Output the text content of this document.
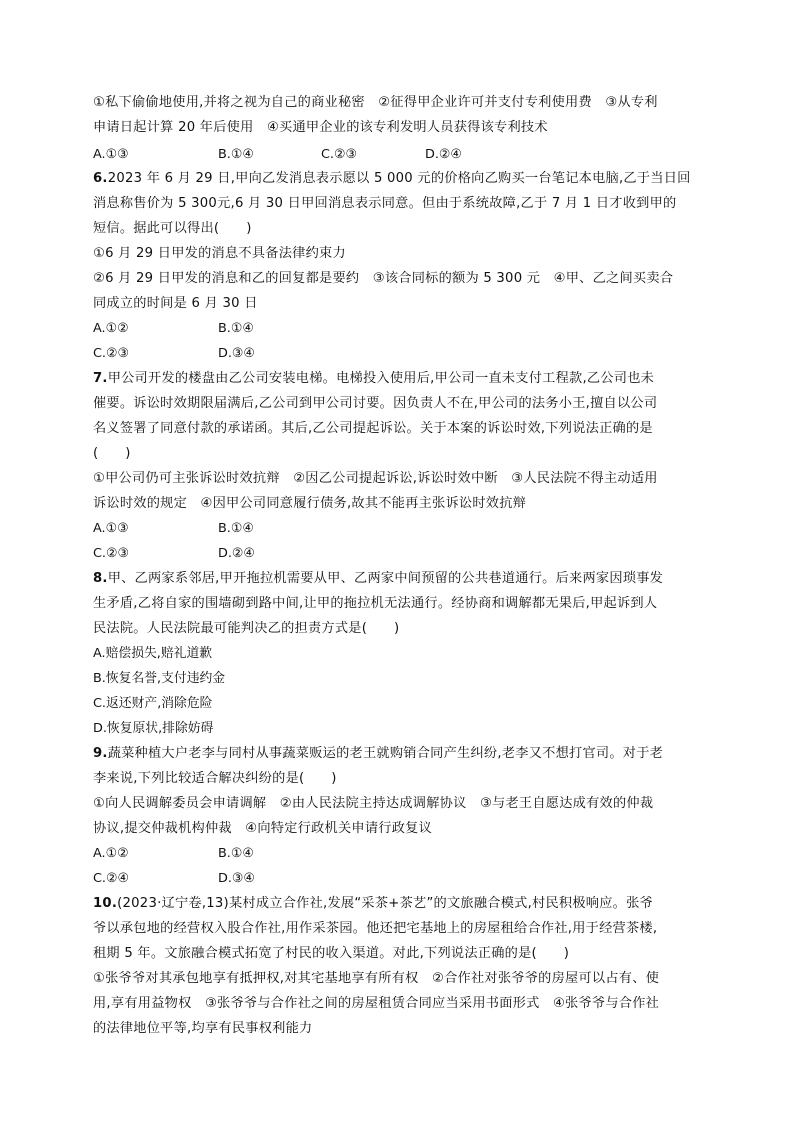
①私下偷偷地使用,并将之视为自己的商业秘密　②征得甲企业许可并支付专利使用费　③从专利
申请日起计算 20 年后使用　④买通甲企业的该专利发明人员获得该专利技术
A.①③	B.①④	C.②③	D.②④
6.2023 年 6 月 29 日,甲向乙发消息表示愿以 5 000 元的价格向乙购买一台笔记本电脑,乙于当日回
消息称售价为 5 300元,6 月 30 日甲回消息表示同意。但由于系统故障,乙于 7 月 1 日才收到甲的
短信。据此可以得出(　　)
①6 月 29 日甲发的消息不具备法律约束力
②6 月 29 日甲发的消息和乙的回复都是要约　③该合同标的额为 5 300 元　④甲、乙之间买卖合
同成立的时间是 6 月 30 日
A.①②	B.①④
C.②③	D.③④
7.甲公司开发的楼盘由乙公司安装电梯。电梯投入使用后,甲公司一直未支付工程款,乙公司也未
催要。诉讼时效期限届满后,乙公司到甲公司讨要。因负责人不在,甲公司的法务小王,擅自以公司
名义签署了同意付款的承诺函。其后,乙公司提起诉讼。关于本案的诉讼时效,下列说法正确的是
(　　)
①甲公司仍可主张诉讼时效抗辩　②因乙公司提起诉讼,诉讼时效中断　③人民法院不得主动适用
诉讼时效的规定　④因甲公司同意履行债务,故其不能再主张诉讼时效抗辩
A.①③	B.①④
C.②③	D.②④
8.甲、乙两家系邻居,甲开拖拉机需要从甲、乙两家中间预留的公共巷道通行。后来两家因琐事发
生矛盾,乙将自家的围墙砌到路中间,让甲的拖拉机无法通行。经协商和调解都无果后,甲起诉到人
民法院。人民法院最可能判决乙的担责方式是(　　)
A.赔偿损失,赔礼道歉
B.恢复名誉,支付违约金
C.返还财产,消除危险
D.恢复原状,排除妨碍
9.蔬菜种植大户老李与同村从事蔬菜贩运的老王就购销合同产生纠纷,老李又不想打官司。对于老
李来说,下列比较适合解决纠纷的是(　　)
①向人民调解委员会申请调解　②由人民法院主持达成调解协议　③与老王自愿达成有效的仲裁
协议,提交仲裁机构仲裁　④向特定行政机关申请行政复议
A.①②	B.①④
C.②④	D.③④
10.(2023·辽宁卷,13)某村成立合作社,发展“采茶+茶艺”的文旅融合模式,村民积极响应。张爷
爷以承包地的经营权入股合作社,用作采茶园。他还把宅基地上的房屋租给合作社,用于经营茶楼,
租期 5 年。文旅融合模式拓宽了村民的收入渠道。对此,下列说法正确的是(　　)
①张爷爷对其承包地享有抵押权,对其宅基地享有所有权　②合作社对张爷爷的房屋可以占有、使
用,享有用益物权　③张爷爷与合作社之间的房屋租赁合同应当采用书面形式　④张爷爷与合作社
的法律地位平等,均享有民事权利能力
